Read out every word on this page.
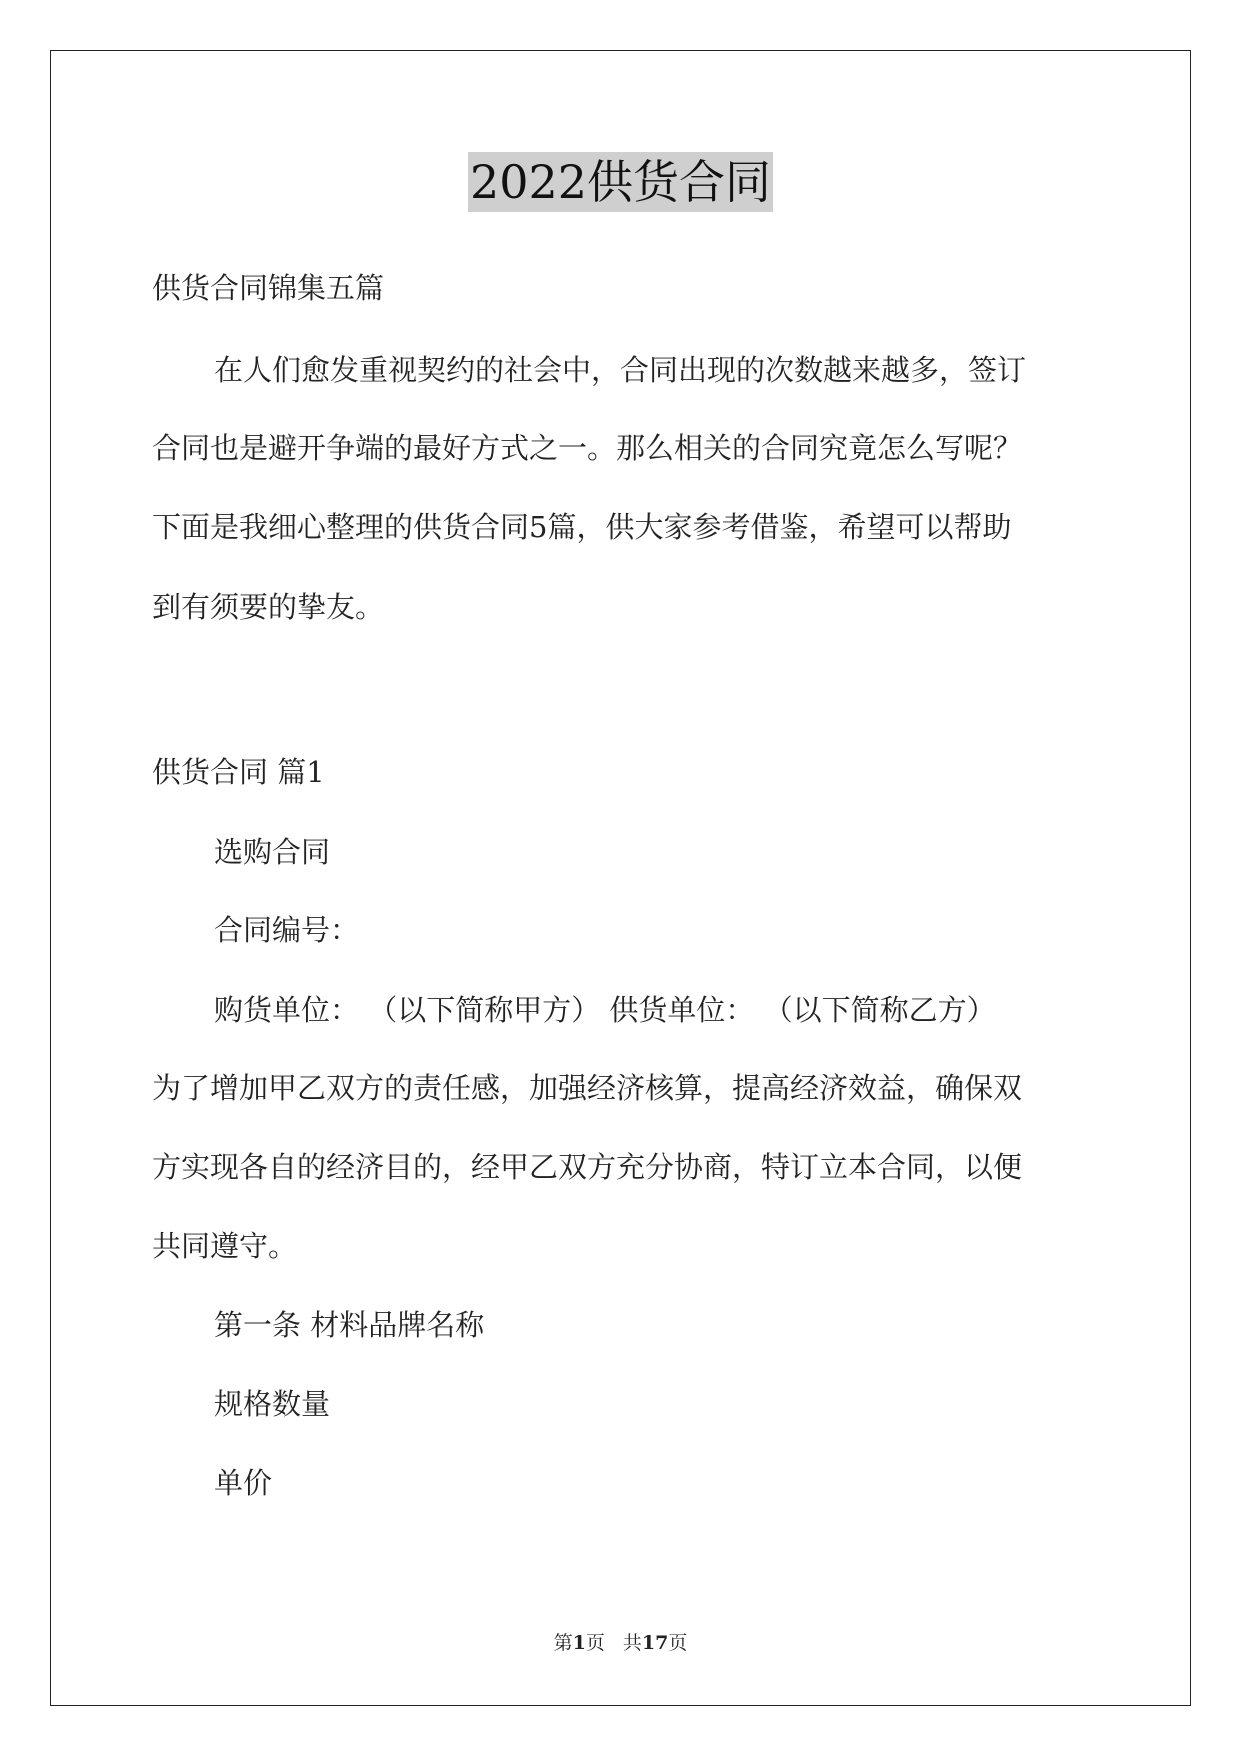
2022供货合同
供货合同锦集五篇
在人们愈发重视契约的社会中，合同出现的次数越来越多，签订
合同也是避开争端的最好方式之一。那么相关的合同究竟怎么写呢？
下面是我细心整理的供货合同5篇，供大家参考借鉴，希望可以帮助
到有须要的挚友。
供货合同 篇1
选购合同
合同编号：
购货单位： （以下简称甲方） 供货单位： （以下简称乙方）
为了增加甲乙双方的责任感，加强经济核算，提高经济效益，确保双
方实现各自的经济目的，经甲乙双方充分协商，特订立本合同，以便
共同遵守。
第一条 材料品牌名称
规格数量
单价
第1页 共17页
